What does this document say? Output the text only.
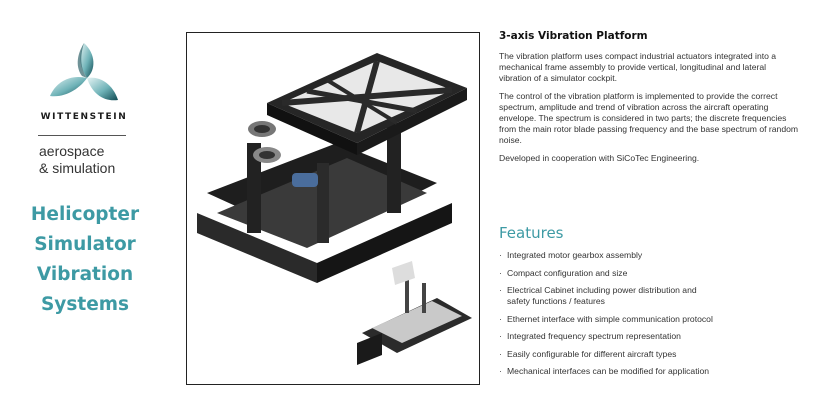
WITTENSTEIN
aerospace
& simulation
Helicopter
Simulator
Vibration
Systems
3-axis Vibration Platform

The vibration platform uses compact industrial actuators integrated into a mechanical frame assembly to provide vertical, longitudinal and lateral vibration of a simulator cockpit.

The control of the vibration platform is implemented to provide the correct spectrum, amplitude and trend of vibration across the aircraft operating envelope. The spectrum is considered in two parts; the discrete frequencies from the main rotor blade passing frequency and the base spectrum of random noise.

Developed in cooperation with SiCoTec Engineering.

Features
· Integrated motor gearbox assembly
· Compact configuration and size
· Electrical Cabinet including power distribution and
safety functions / features
· Ethernet interface with simple communication protocol
· Integrated frequency spectrum representation
· Easily configurable for different aircraft types
· Mechanical interfaces can be modified for application
